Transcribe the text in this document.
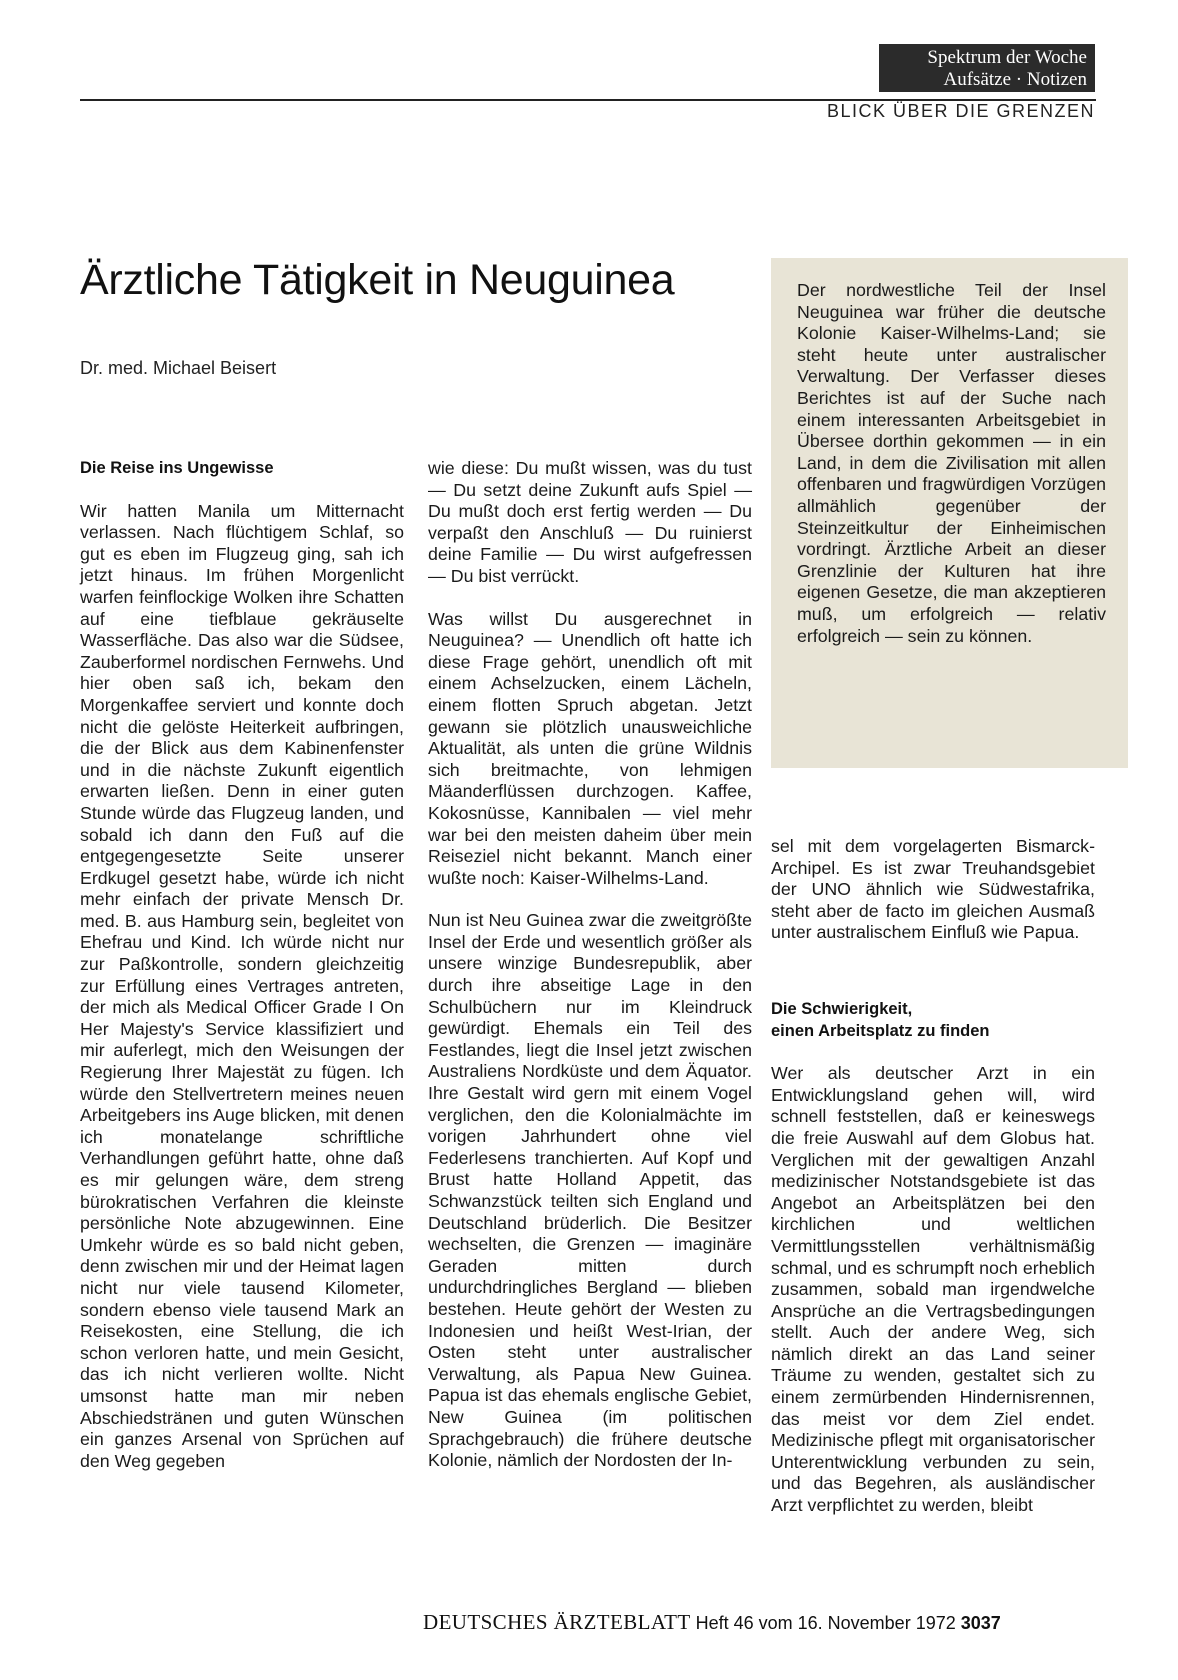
Spektrum der Woche
Aufsätze · Notizen
BLICK ÜBER DIE GRENZEN
Ärztliche Tätigkeit in Neuguinea
Dr. med. Michael Beisert

Der nordwestliche Teil der Insel Neuguinea war früher die deutsche Kolonie Kaiser-Wilhelms-Land; sie steht heute unter australischer Verwaltung. Der Verfasser dieses Berichtes ist auf der Suche nach einem interessanten Arbeitsgebiet in Übersee dorthin gekommen — in ein Land, in dem die Zivilisation mit allen offenbaren und fragwürdigen Vorzügen allmählich gegenüber der Steinzeitkultur der Einheimischen vordringt. Ärztliche Arbeit an dieser Grenzlinie der Kulturen hat ihre eigenen Gesetze, die man akzeptieren muß, um erfolgreich — relativ erfolgreich — sein zu können.

Die Reise ins Ungewisse

Wir hatten Manila um Mitternacht verlassen. Nach flüchtigem Schlaf, so gut es eben im Flugzeug ging, sah ich jetzt hinaus. Im frühen Morgenlicht warfen feinflockige Wolken ihre Schatten auf eine tiefblaue gekräuselte Wasserfläche. Das also war die Südsee, Zauberformel nordischen Fernwehs. Und hier oben saß ich, bekam den Morgenkaffee serviert und konnte doch nicht die gelöste Heiterkeit aufbringen, die der Blick aus dem Kabinenfenster und in die nächste Zukunft eigentlich erwarten ließen. Denn in einer guten Stunde würde das Flugzeug landen, und sobald ich dann den Fuß auf die entgegengesetzte Seite unserer Erdkugel gesetzt habe, würde ich nicht mehr einfach der private Mensch Dr. med. B. aus Hamburg sein, begleitet von Ehefrau und Kind. Ich würde nicht nur zur Paßkontrolle, sondern gleichzeitig zur Erfüllung eines Vertrages antreten, der mich als Medical Officer Grade I On Her Majesty's Service klassifiziert und mir auferlegt, mich den Weisungen der Regierung Ihrer Majestät zu fügen. Ich würde den Stellvertretern meines neuen Arbeitgebers ins Auge blicken, mit denen ich monatelange schriftliche Verhandlungen geführt hatte, ohne daß es mir gelungen wäre, dem streng bürokratischen Verfahren die kleinste persönliche Note abzugewinnen. Eine Umkehr würde es so bald nicht geben, denn zwischen mir und der Heimat lagen nicht nur viele tausend Kilometer, sondern ebenso viele tausend Mark an Reisekosten, eine Stellung, die ich schon verloren hatte, und mein Gesicht, das ich nicht verlieren wollte. Nicht umsonst hatte man mir neben Abschiedstränen und guten Wünschen ein ganzes Arsenal von Sprüchen auf den Weg gegeben

wie diese: Du mußt wissen, was du tust — Du setzt deine Zukunft aufs Spiel — Du mußt doch erst fertig werden — Du verpaßt den Anschluß — Du ruinierst deine Familie — Du wirst aufgefressen — Du bist verrückt.

Was willst Du ausgerechnet in Neuguinea? — Unendlich oft hatte ich diese Frage gehört, unendlich oft mit einem Achselzucken, einem Lächeln, einem flotten Spruch abgetan. Jetzt gewann sie plötzlich unausweichliche Aktualität, als unten die grüne Wildnis sich breitmachte, von lehmigen Mäanderflüssen durchzogen. Kaffee, Kokosnüsse, Kannibalen — viel mehr war bei den meisten daheim über mein Reiseziel nicht bekannt. Manch einer wußte noch: Kaiser-Wilhelms-Land.

Nun ist Neu Guinea zwar die zweitgrößte Insel der Erde und wesentlich größer als unsere winzige Bundesrepublik, aber durch ihre abseitige Lage in den Schulbüchern nur im Kleindruck gewürdigt. Ehemals ein Teil des Festlandes, liegt die Insel jetzt zwischen Australiens Nordküste und dem Äquator. Ihre Gestalt wird gern mit einem Vogel verglichen, den die Kolonialmächte im vorigen Jahrhundert ohne viel Federlesens tranchierten. Auf Kopf und Brust hatte Holland Appetit, das Schwanzstück teilten sich England und Deutschland brüderlich. Die Besitzer wechselten, die Grenzen — imaginäre Geraden mitten durch undurchdringliches Bergland — blieben bestehen. Heute gehört der Westen zu Indonesien und heißt West-Irian, der Osten steht unter australischer Verwaltung, als Papua New Guinea. Papua ist das ehemals englische Gebiet, New Guinea (im politischen Sprachgebrauch) die frühere deutsche Kolonie, nämlich der Nordosten der In-

sel mit dem vorgelagerten Bismarck-Archipel. Es ist zwar Treuhandsgebiet der UNO ähnlich wie Südwestafrika, steht aber de facto im gleichen Ausmaß unter australischem Einfluß wie Papua.

Die Schwierigkeit,

einen Arbeitsplatz zu finden

Wer als deutscher Arzt in ein Entwicklungsland gehen will, wird schnell feststellen, daß er keineswegs die freie Auswahl auf dem Globus hat. Verglichen mit der gewaltigen Anzahl medizinischer Notstandsgebiete ist das Angebot an Arbeitsplätzen bei den kirchlichen und weltlichen Vermittlungsstellen verhältnismäßig schmal, und es schrumpft noch erheblich zusammen, sobald man irgendwelche Ansprüche an die Vertragsbedingungen stellt. Auch der andere Weg, sich nämlich direkt an das Land seiner Träume zu wenden, gestaltet sich zu einem zermürbenden Hindernisrennen, das meist vor dem Ziel endet. Medizinische pflegt mit organisatorischer Unterentwicklung verbunden zu sein, und das Begehren, als ausländischer Arzt verpflichtet zu werden, bleibt

DEUTSCHES ÄRZTEBLATT Heft 46 vom 16. November 1972 3037
